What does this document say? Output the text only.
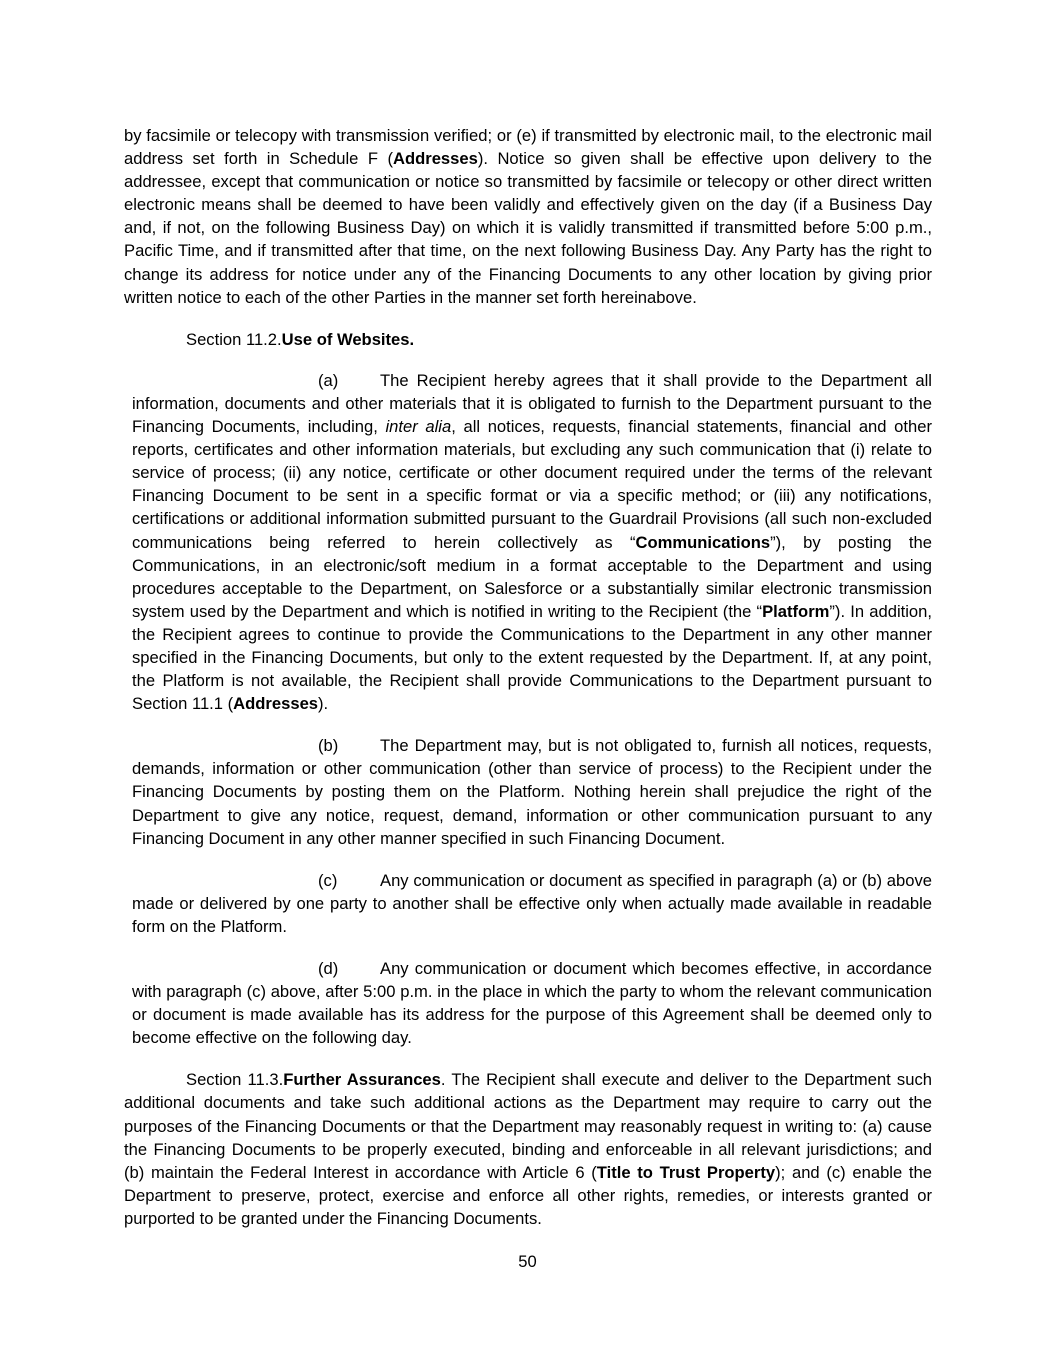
by facsimile or telecopy with transmission verified; or (e) if transmitted by electronic mail, to the electronic mail address set forth in Schedule F (Addresses). Notice so given shall be effective upon delivery to the addressee, except that communication or notice so transmitted by facsimile or telecopy or other direct written electronic means shall be deemed to have been validly and effectively given on the day (if a Business Day and, if not, on the following Business Day) on which it is validly transmitted if transmitted before 5:00 p.m., Pacific Time, and if transmitted after that time, on the next following Business Day. Any Party has the right to change its address for notice under any of the Financing Documents to any other location by giving prior written notice to each of the other Parties in the manner set forth hereinabove.

Section 11.2.Use of Websites.

(a)	The Recipient hereby agrees that it shall provide to the Department all information, documents and other materials that it is obligated to furnish to the Department pursuant to the Financing Documents, including, inter alia, all notices, requests, financial statements, financial and other reports, certificates and other information materials, but excluding any such communication that (i) relate to service of process; (ii) any notice, certificate or other document required under the terms of the relevant Financing Document to be sent in a specific format or via a specific method; or (iii) any notifications, certifications or additional information submitted pursuant to the Guardrail Provisions (all such non-excluded communications being referred to herein collectively as “Communications”), by posting the Communications, in an electronic/soft medium in a format acceptable to the Department and using procedures acceptable to the Department, on Salesforce or a substantially similar electronic transmission system used by the Department and which is notified in writing to the Recipient (the “Platform”). In addition, the Recipient agrees to continue to provide the Communications to the Department in any other manner specified in the Financing Documents, but only to the extent requested by the Department. If, at any point, the Platform is not available, the Recipient shall provide Communications to the Department pursuant to Section 11.1 (Addresses).

(b)	The Department may, but is not obligated to, furnish all notices, requests, demands, information or other communication (other than service of process) to the Recipient under the Financing Documents by posting them on the Platform. Nothing herein shall prejudice the right of the Department to give any notice, request, demand, information or other communication pursuant to any Financing Document in any other manner specified in such Financing Document.

(c)	Any communication or document as specified in paragraph (a) or (b) above made or delivered by one party to another shall be effective only when actually made available in readable form on the Platform.

(d)	Any communication or document which becomes effective, in accordance with paragraph (c) above, after 5:00 p.m. in the place in which the party to whom the relevant communication or document is made available has its address for the purpose of this Agreement shall be deemed only to become effective on the following day.

Section 11.3.Further Assurances. The Recipient shall execute and deliver to the Department such additional documents and take such additional actions as the Department may require to carry out the purposes of the Financing Documents or that the Department may reasonably request in writing to: (a) cause the Financing Documents to be properly executed, binding and enforceable in all relevant jurisdictions; and (b) maintain the Federal Interest in accordance with Article 6 (Title to Trust Property); and (c) enable the Department to preserve, protect, exercise and enforce all other rights, remedies, or interests granted or purported to be granted under the Financing Documents.

50
